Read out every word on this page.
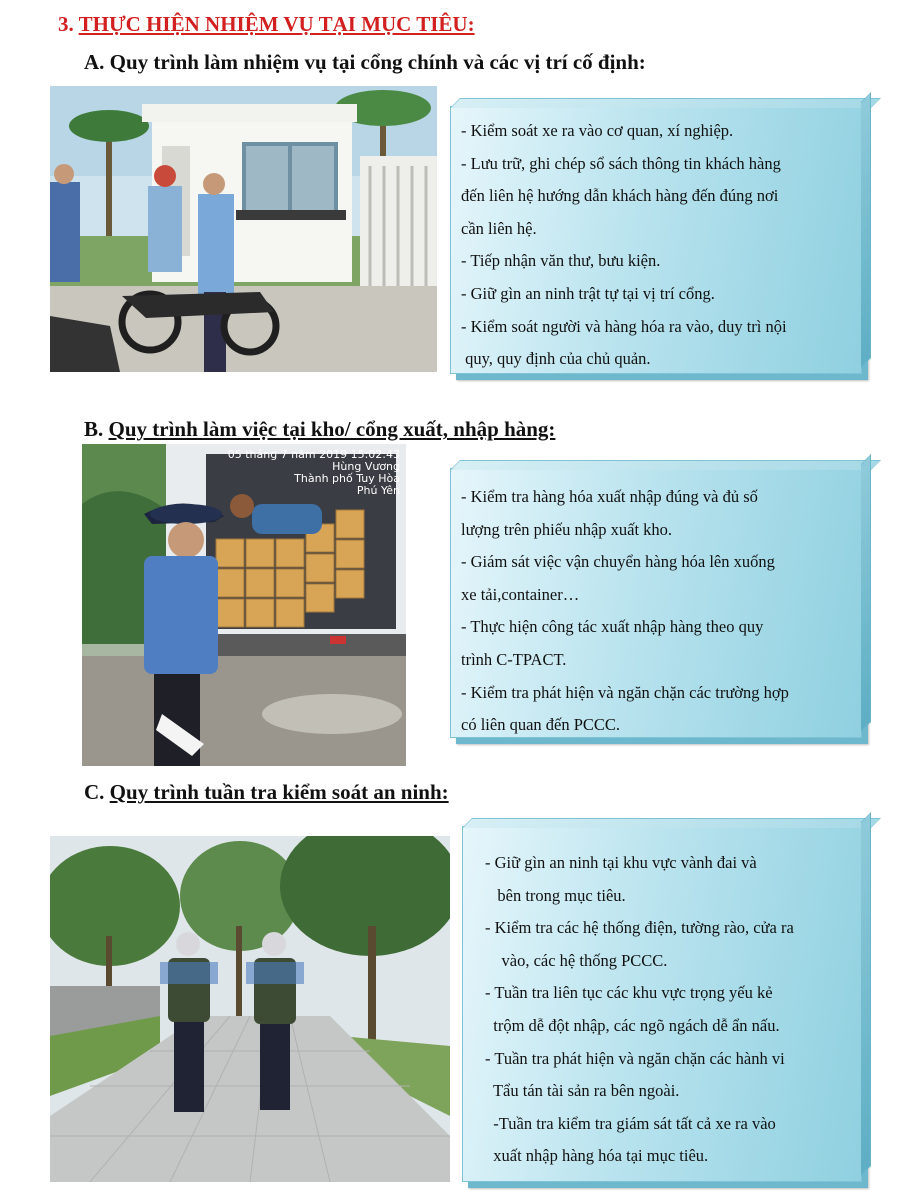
3. THỰC HIỆN NHIỆM VỤ TẠI MỤC TIÊU:
A. Quy trình làm nhiệm vụ tại cổng chính và các vị trí cố định:
- Kiểm soát xe ra vào cơ quan, xí nghiệp.
- Lưu trữ, ghi chép sổ sách thông tin khách hàng
đến liên hệ hướng dẫn khách hàng đến đúng nơi
cần liên hệ.
- Tiếp nhận văn thư, bưu kiện.
- Giữ gìn an ninh trật tự tại vị trí cổng.
- Kiểm soát người và hàng hóa ra vào, duy trì nội
quy, quy định của chủ quản.
B. Quy trình làm việc tại kho/ cổng xuất, nhập hàng:
05 tháng 7 năm 2019 15:02:43
Hùng Vương
Thành phố Tuy Hòa
Phú Yên	- Kiểm tra hàng hóa xuất nhập đúng và đủ số
lượng trên phiếu nhập xuất kho.
- Giám sát việc vận chuyển hàng hóa lên xuống
xe tải,container…
- Thực hiện công tác xuất nhập hàng theo quy
trình C-TPACT.
- Kiểm tra phát hiện và ngăn chặn các trường hợp
có liên quan đến PCCC.
C. Quy trình tuần tra kiểm soát an ninh:
- Giữ gìn an ninh tại khu vực vành đai và
bên trong mục tiêu.
- Kiểm tra các hệ thống điện, tường rào, cửa ra
vào, các hệ thống PCCC.
- Tuần tra liên tục các khu vực trọng yếu kẻ
trộm dễ đột nhập, các ngõ ngách dễ ẩn nấu.
- Tuần tra phát hiện và ngăn chặn các hành vi
Tẩu tán tài sản ra bên ngoài.
-Tuần tra kiểm tra giám sát tất cả xe ra vào
xuất nhập hàng hóa tại mục tiêu.
